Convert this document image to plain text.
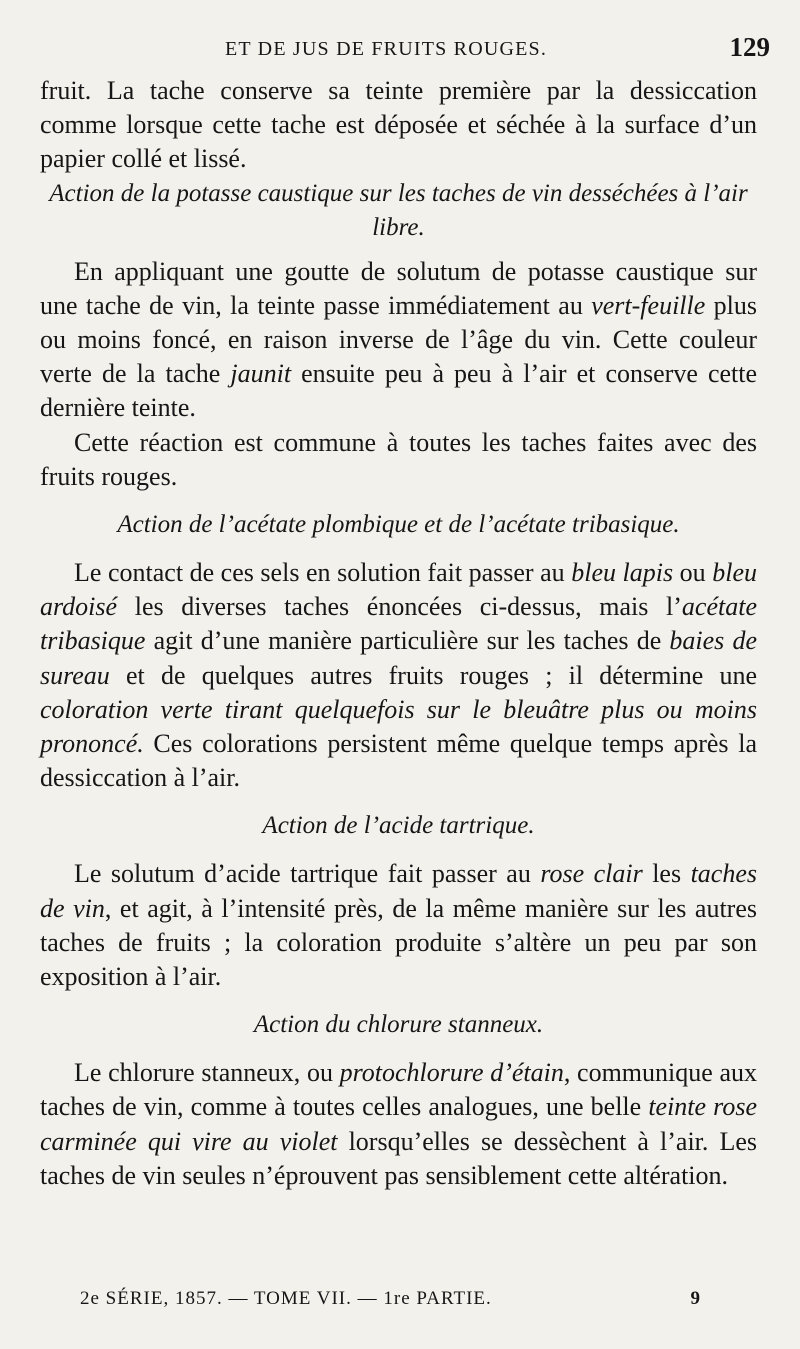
ET DE JUS DE FRUITS ROUGES.	129

fruit. La tache conserve sa teinte première par la dessiccation comme lorsque cette tache est déposée et séchée à la surface d’un papier collé et lissé.

Action de la potasse caustique sur les taches de vin desséchées à l’air libre.

En appliquant une goutte de solutum de potasse caustique sur une tache de vin, la teinte passe immédiatement au vert-feuille plus ou moins foncé, en raison inverse de l’âge du vin. Cette couleur verte de la tache jaunit ensuite peu à peu à l’air et conserve cette dernière teinte.

Cette réaction est commune à toutes les taches faites avec des fruits rouges.

Action de l’acétate plombique et de l’acétate tribasique.

Le contact de ces sels en solution fait passer au bleu lapis ou bleu ardoisé les diverses taches énoncées ci-dessus, mais l’acétate tribasique agit d’une manière particulière sur les taches de baies de sureau et de quelques autres fruits rouges ; il détermine une coloration verte tirant quelquefois sur le bleuâtre plus ou moins prononcé. Ces colorations persistent même quelque temps après la dessiccation à l’air.

Action de l’acide tartrique.

Le solutum d’acide tartrique fait passer au rose clair les taches de vin, et agit, à l’intensité près, de la même manière sur les autres taches de fruits ; la coloration produite s’altère un peu par son exposition à l’air.

Action du chlorure stanneux.

Le chlorure stanneux, ou protochlorure d’étain, communique aux taches de vin, comme à toutes celles analogues, une belle teinte rose carminée qui vire au violet lorsqu’elles se dessèchent à l’air. Les taches de vin seules n’éprouvent pas sensiblement cette altération.

2e SÉRIE, 1857. — TOME VII. — 1re PARTIE.	9
